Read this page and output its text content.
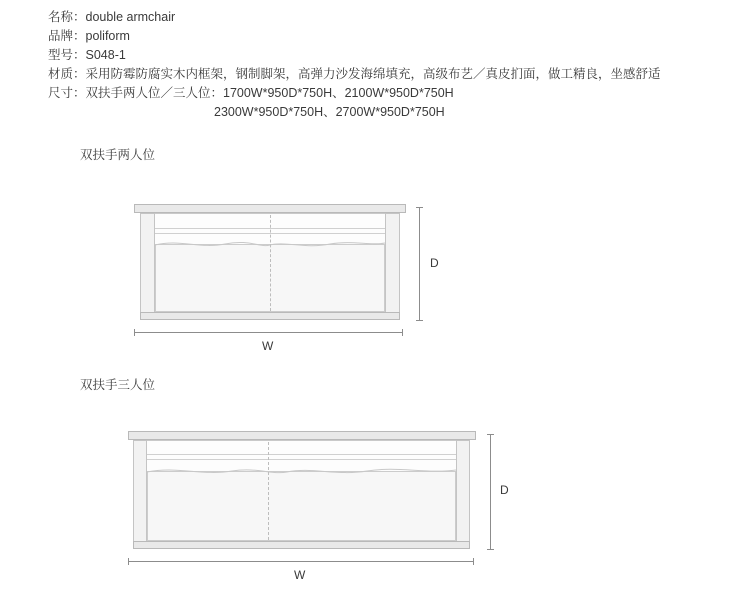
名称：double armchair
品牌：poliform
型号：S048-1
材质：采用防霉防腐实木内框架，钢制脚架，高弹力沙发海绵填充，高级布艺／真皮扪面，做工精良，坐感舒适
尺寸：双扶手两人位／三人位：1700W*950D*750H、2100W*950D*750H
2300W*950D*750H、2700W*950D*750H
双扶手两人位
D
W
双扶手三人位
D
W
